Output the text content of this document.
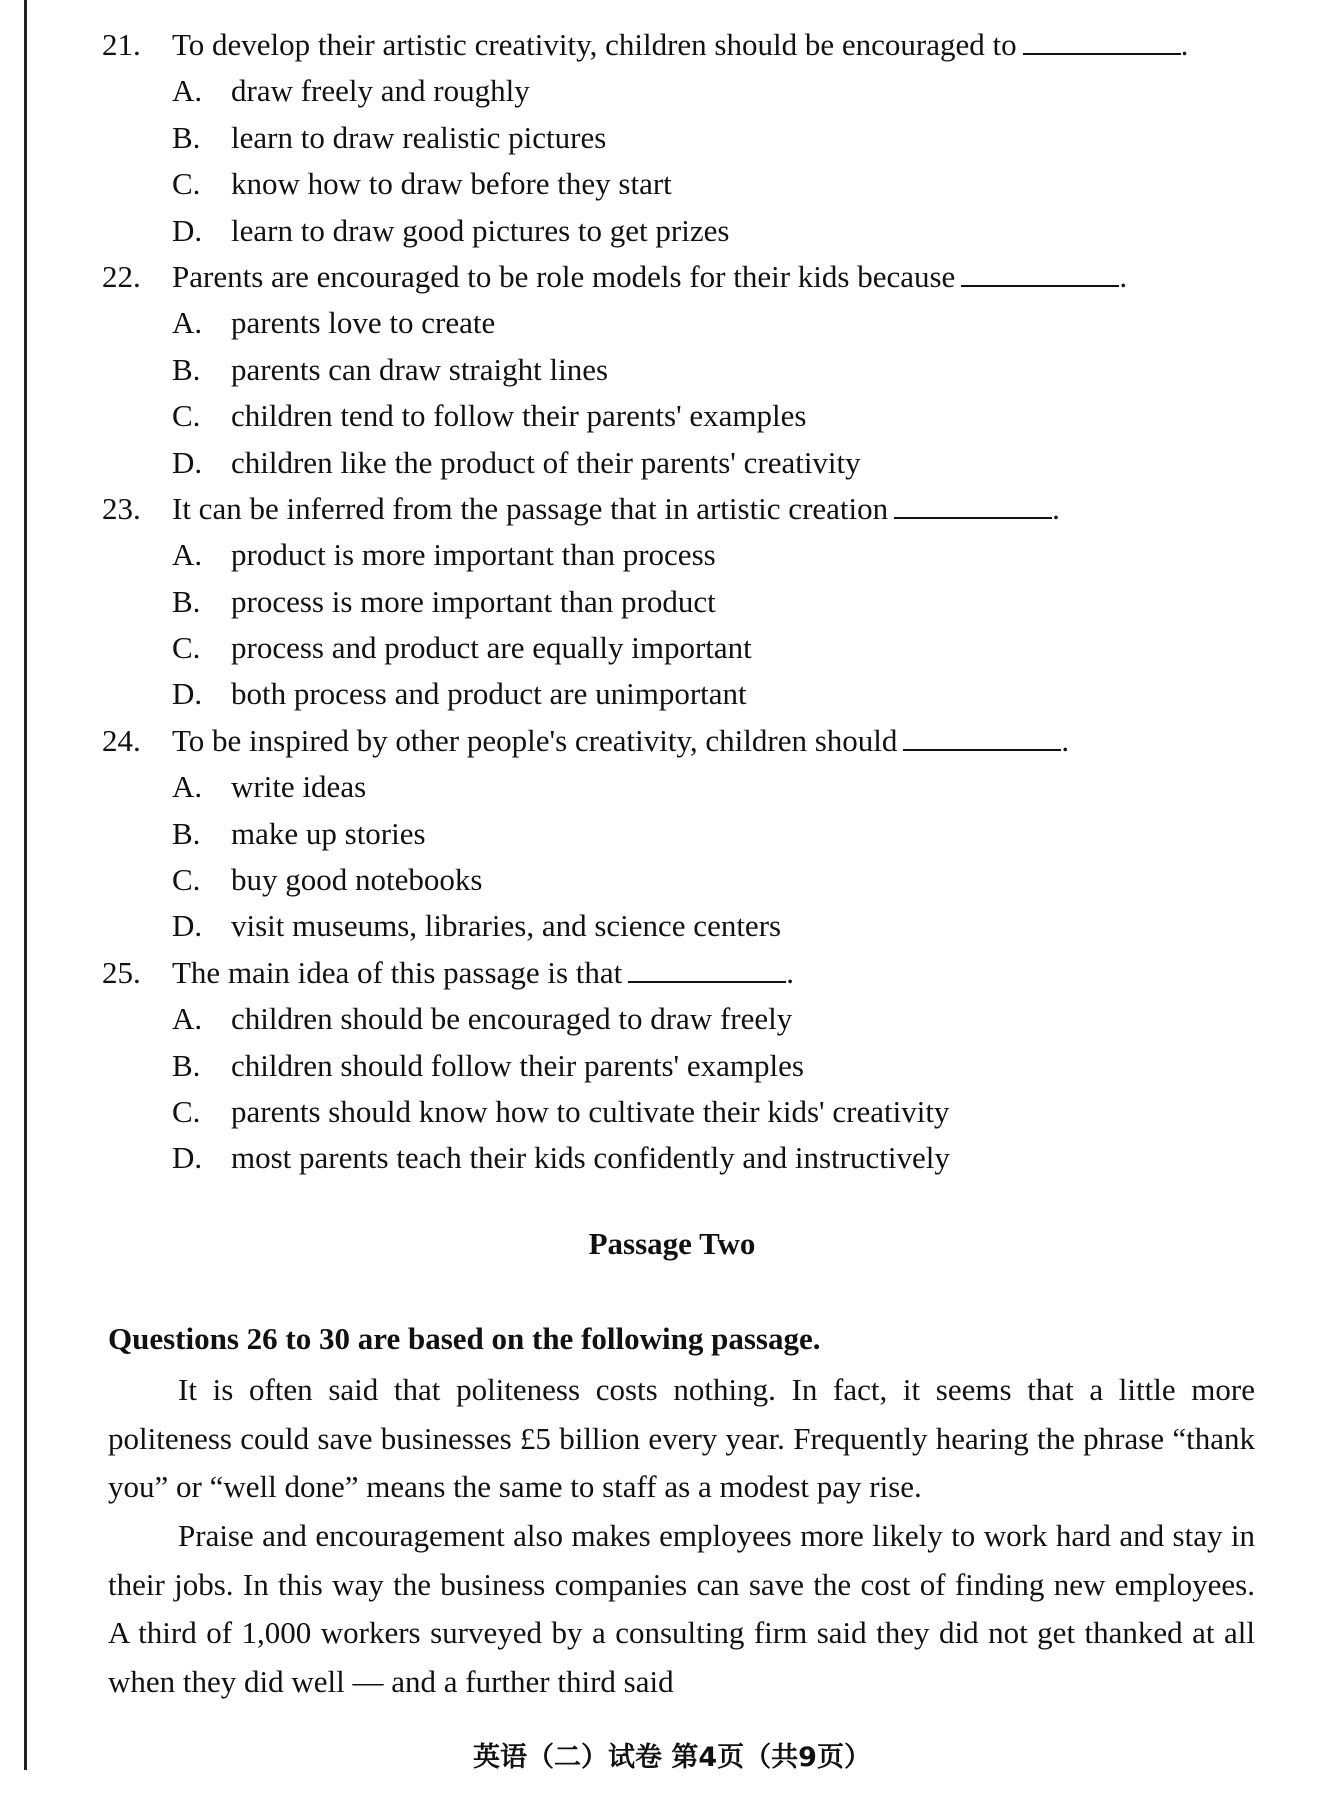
21. To develop their artistic creativity, children should be encouraged to	.
A. draw freely and roughly
B. learn to draw realistic pictures
C. know how to draw before they start
D. learn to draw good pictures to get prizes
22. Parents are encouraged to be role models for their kids because	.
A. parents love to create
B. parents can draw straight lines
C. children tend to follow their parents' examples
D. children like the product of their parents' creativity
23. It can be inferred from the passage that in artistic creation	.
A. product is more important than process
B. process is more important than product
C. process and product are equally important
D. both process and product are unimportant
24. To be inspired by other people's creativity, children should	.
A. write ideas
B. make up stories
C. buy good notebooks
D. visit museums, libraries, and science centers
25. The main idea of this passage is that	.
A. children should be encouraged to draw freely
B. children should follow their parents' examples
C. parents should know how to cultivate their kids' creativity
D. most parents teach their kids confidently and instructively
Passage Two
Questions 26 to 30 are based on the following passage.

It is often said that politeness costs nothing. In fact, it seems that a little more politeness could save businesses £5 billion every year. Frequently hearing the phrase “thank you” or “well done” means the same to staff as a modest pay rise.

Praise and encouragement also makes employees more likely to work hard and stay in their jobs. In this way the business companies can save the cost of finding new employees. A third of 1,000 workers surveyed by a consulting firm said they did not get thanked at all when they did well — and a further third said

英语（二）试卷 第4页（共9页）
